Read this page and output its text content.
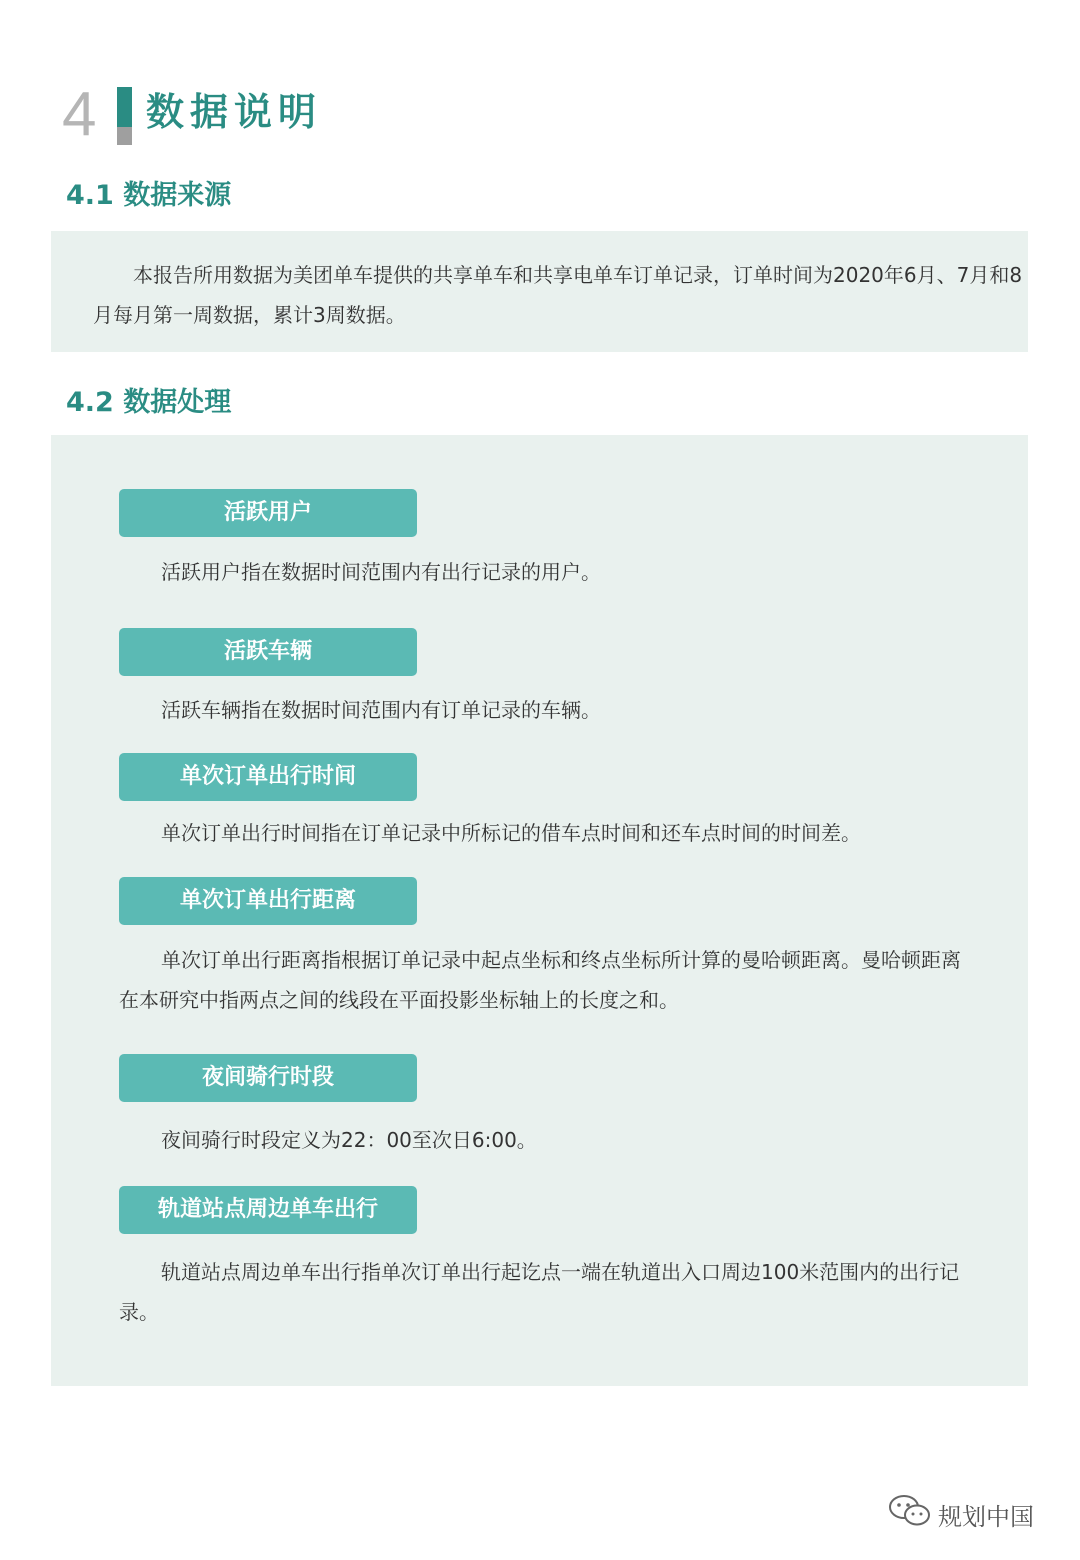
4 数据说明
4.1 数据来源

本报告所用数据为美团单车提供的共享单车和共享电单车订单记录，订单时间为2020年6月、7月和8月每月第一周数据，累计3周数据。

4.2 数据处理
活跃用户

活跃用户指在数据时间范围内有出行记录的用户。

活跃车辆

活跃车辆指在数据时间范围内有订单记录的车辆。

单次订单出行时间

单次订单出行时间指在订单记录中所标记的借车点时间和还车点时间的时间差。

单次订单出行距离

单次订单出行距离指根据订单记录中起点坐标和终点坐标所计算的曼哈顿距离。曼哈顿距离在本研究中指两点之间的线段在平面投影坐标轴上的长度之和。

夜间骑行时段

夜间骑行时段定义为22：00至次日6:00。

轨道站点周边单车出行

轨道站点周边单车出行指单次订单出行起讫点一端在轨道出入口周边100米范围内的出行记录。

规划中国
